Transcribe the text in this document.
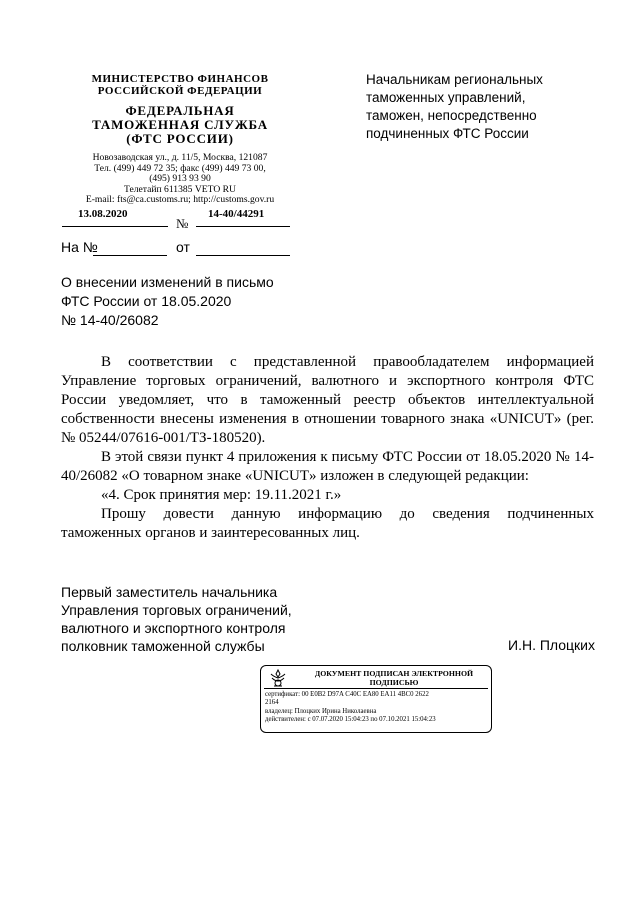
МИНИСТЕРСТВО ФИНАНСОВ
РОССИЙСКОЙ ФЕДЕРАЦИИ
ФЕДЕРАЛЬНАЯ
ТАМОЖЕННАЯ СЛУЖБА
(ФТС РОССИИ)
Новозаводская ул., д. 11/5, Москва, 121087
Тел. (499) 449 72 35; факс (499) 449 73 00,
(495) 913 93 90
Телетайп 611385 VETO RU
E-mail: fts@ca.customs.ru; http://customs.gov.ru
13.08.2020
№
14-40/44291
На №	от
Начальникам региональных
таможенных управлений,
таможен, непосредственно
подчиненных ФТС России
О внесении изменений в письмо
ФТС России от 18.05.2020
№ 14-40/26082

В соответствии с представленной правообладателем информацией Управление торговых ограничений, валютного и экспортного контроля ФТС России уведомляет, что в таможенный реестр объектов интеллектуальной собственности внесены изменения в отношении товарного знака «UNICUT» (рег. № 05244/07616-001/ТЗ-180520).

В этой связи пункт 4 приложения к письму ФТС России от 18.05.2020 № 14-40/26082 «О товарном знаке «UNICUT» изложен в следующей редакции:

«4. Срок принятия мер: 19.11.2021 г.»

Прошу довести данную информацию до сведения подчиненных таможенных органов и заинтересованных лиц.

Первый заместитель начальника
Управления торговых ограничений,
валютного и экспортного контроля
полковник таможенной службы	И.Н. Плоцких
ДОКУМЕНТ ПОДПИСАН ЭЛЕКТРОННОЙ
ПОДПИСЬЮ
сертификат: 00 E0B2 D97A C40C EA80 EA11 4BC0 2622
2164
владелец: Плоцких Ирина Николаевна
действителен: с 07.07.2020 15:04:23 по 07.10.2021 15:04:23
